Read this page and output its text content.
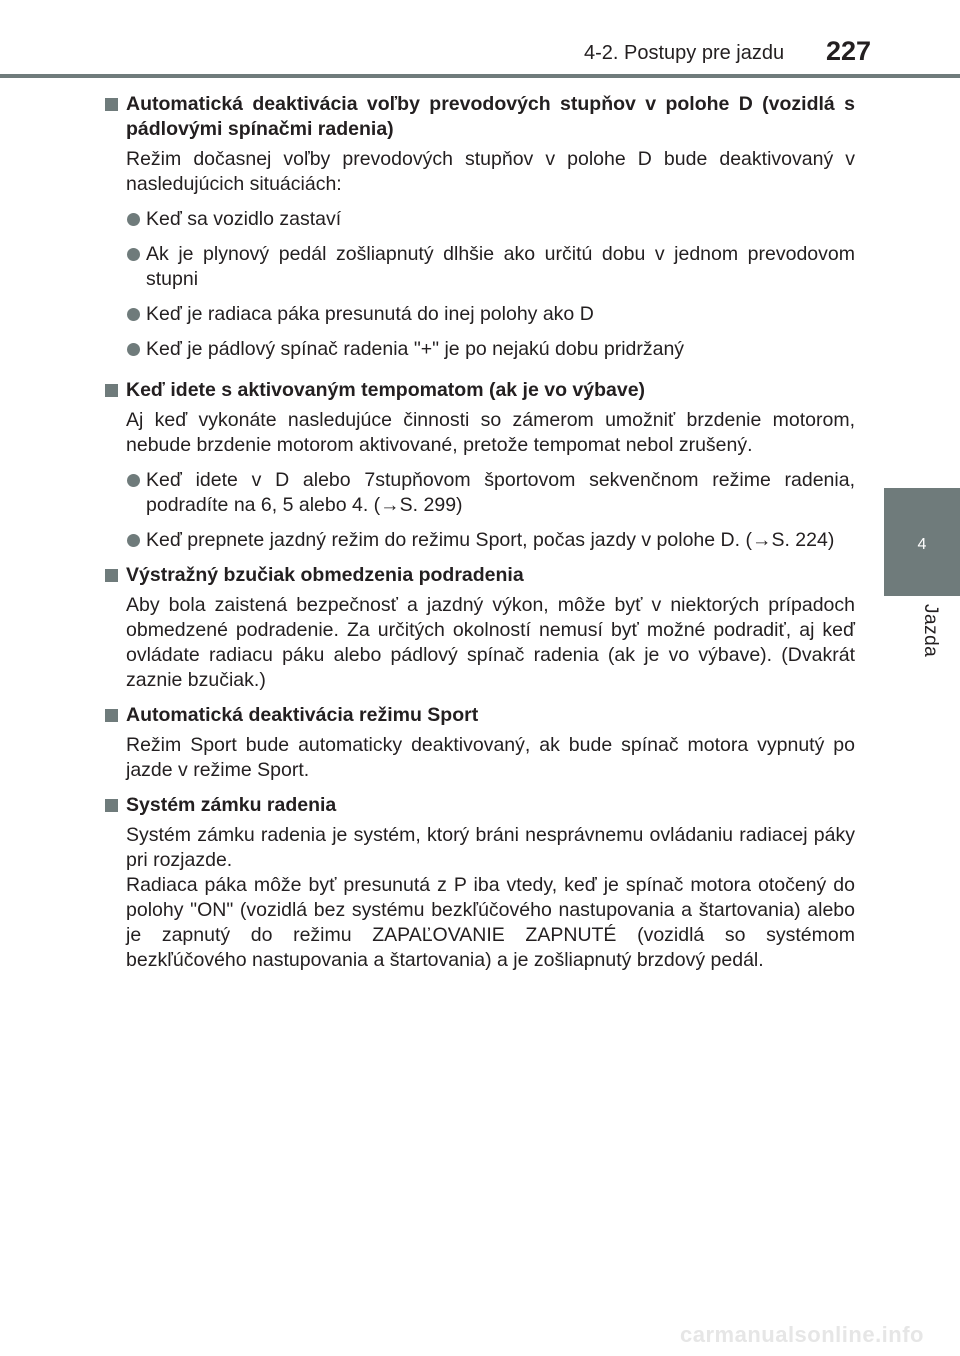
4-2. Postupy pre jazdu 227
4
Jazda
Automatická deaktivácia voľby prevodových stupňov v polohe D (vozidlá s pádlovými spínačmi radenia)
Režim dočasnej voľby prevodových stupňov v polohe D bude deaktivovaný v nasledujúcich situáciách:
Keď sa vozidlo zastaví
Ak je plynový pedál zošliapnutý dlhšie ako určitú dobu v jednom prevodovom stupni
Keď je radiaca páka presunutá do inej polohy ako D
Keď je pádlový spínač radenia "+" je po nejakú dobu pridržaný
Keď idete s aktivovaným tempomatom (ak je vo výbave)
Aj keď vykonáte nasledujúce činnosti so zámerom umožniť brzdenie motorom, nebude brzdenie motorom aktivované, pretože tempomat nebol zrušený.
Keď idete v D alebo 7stupňovom športovom sekvenčnom režime radenia, podradíte na 6, 5 alebo 4. (→S. 299)
Keď prepnete jazdný režim do režimu Sport, počas jazdy v polohe D. (→S. 224)
Výstražný bzučiak obmedzenia podradenia
Aby bola zaistená bezpečnosť a jazdný výkon, môže byť v niektorých prípadoch obmedzené podradenie. Za určitých okolností nemusí byť možné podradiť, aj keď ovládate radiacu páku alebo pádlový spínač radenia (ak je vo výbave). (Dvakrát zaznie bzučiak.)
Automatická deaktivácia režimu Sport
Režim Sport bude automaticky deaktivovaný, ak bude spínač motora vypnutý po jazde v režime Sport.
Systém zámku radenia
Systém zámku radenia je systém, ktorý bráni nesprávnemu ovládaniu radiacej páky pri rozjazde.
Radiaca páka môže byť presunutá z P iba vtedy, keď je spínač motora otočený do polohy "ON" (vozidlá bez systému bezkľúčového nastupovania a štartovania) alebo je zapnutý do režimu ZAPAĽOVANIE ZAPNUTÉ (vozidlá so systémom bezkľúčového nastupovania a štartovania) a je zošliapnutý brzdový pedál.
carmanualsonline.info
